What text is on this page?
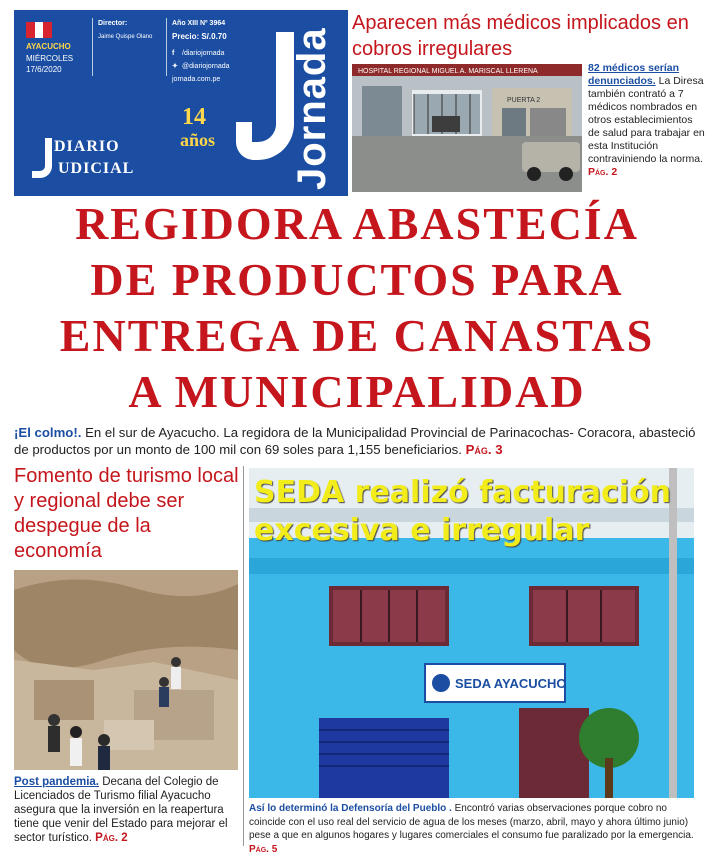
AYACUCHO
MIÉRCOLES
17/6/2020
Director:
Jaime Quispe Olano
Año XIII Nº 3964
Precio: S/.0.70
f /diariojornada
✦ @diariojornada
jornada.com.pe
14
años Jornada
DIARIO
UDICIAL
Aparecen más médicos implicados en cobros irregulares
HOSPITAL REGIONAL MIGUEL A. MARISCAL LLERENA
PUERTA 2
82 médicos serían denunciados. La Diresa también contrató a 7 médicos nombrados en otros establecimientos de salud para trabajar en esta Institución contraviniendo la norma. Pág. 2
REGIDORA ABASTECÍA
DE PRODUCTOS PARA
ENTREGA DE CANASTAS
A MUNICIPALIDAD
¡El colmo!. En el sur de Ayacucho. La regidora de la Municipalidad Provincial de Parinacochas- Coracora, abasteció de productos por un monto de 100 mil con 69 soles para 1,155 beneficiarios. Pág. 3
Fomento de turismo local y regional debe ser despegue de la economía
Post pandemia. Decana del Colegio de Licenciados de Turismo filial Ayacucho asegura que la inversión en la reapertura tiene que venir del Estado para mejorar el sector turístico. Pág. 2
SEDA AYACUCHO
SEDA realizó facturación excesiva e irregular
Así lo determinó la Defensoría del Pueblo . Encontró varias observaciones porque cobro no coincide con el uso real del servicio de agua de los meses (marzo, abril, mayo y ahora último junio) pese a que en algunos hogares y lugares comerciales el consumo fue paralizado por la emergencia. Pág. 5
